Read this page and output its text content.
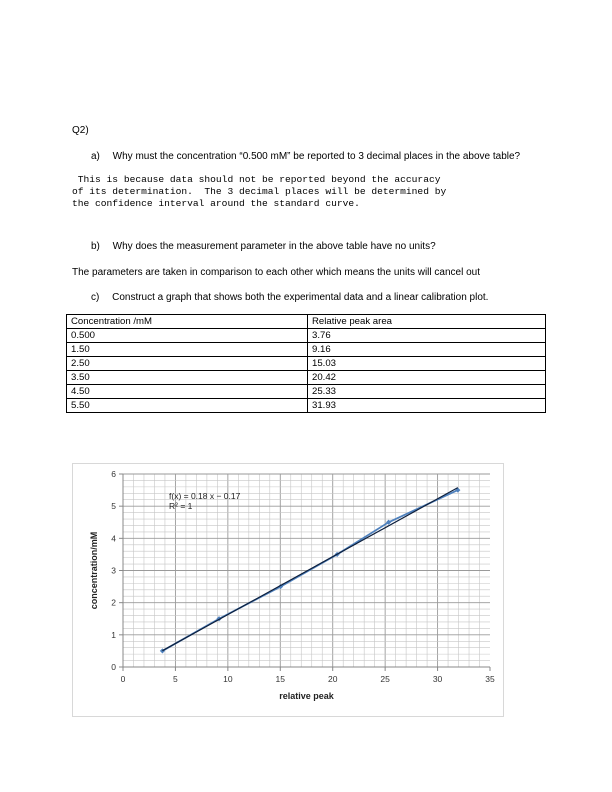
Q2)
a)  Why must the concentration “0.500 mM” be reported to 3 decimal places in the above table?
This is because data should not be reported beyond the accuracy
of its determination.  The 3 decimal places will be determined by
the confidence interval around the standard curve.
b)  Why does the measurement parameter in the above table have no units?
The parameters are taken in comparison to each other which means the units will cancel out
c)  Construct a graph that shows both the experimental data and a linear calibration plot.
Concentration /mM	Relative peak area
0.500	3.76
1.50	9.16
2.50	15.03
3.50	20.42
4.50	25.33
5.50	31.93
0	5	10	15	20	25	30	35
0
1
2
3
4
5
6
relative peak
concentration/mM
f(x) = 0.18 x − 0.17
R² = 1
